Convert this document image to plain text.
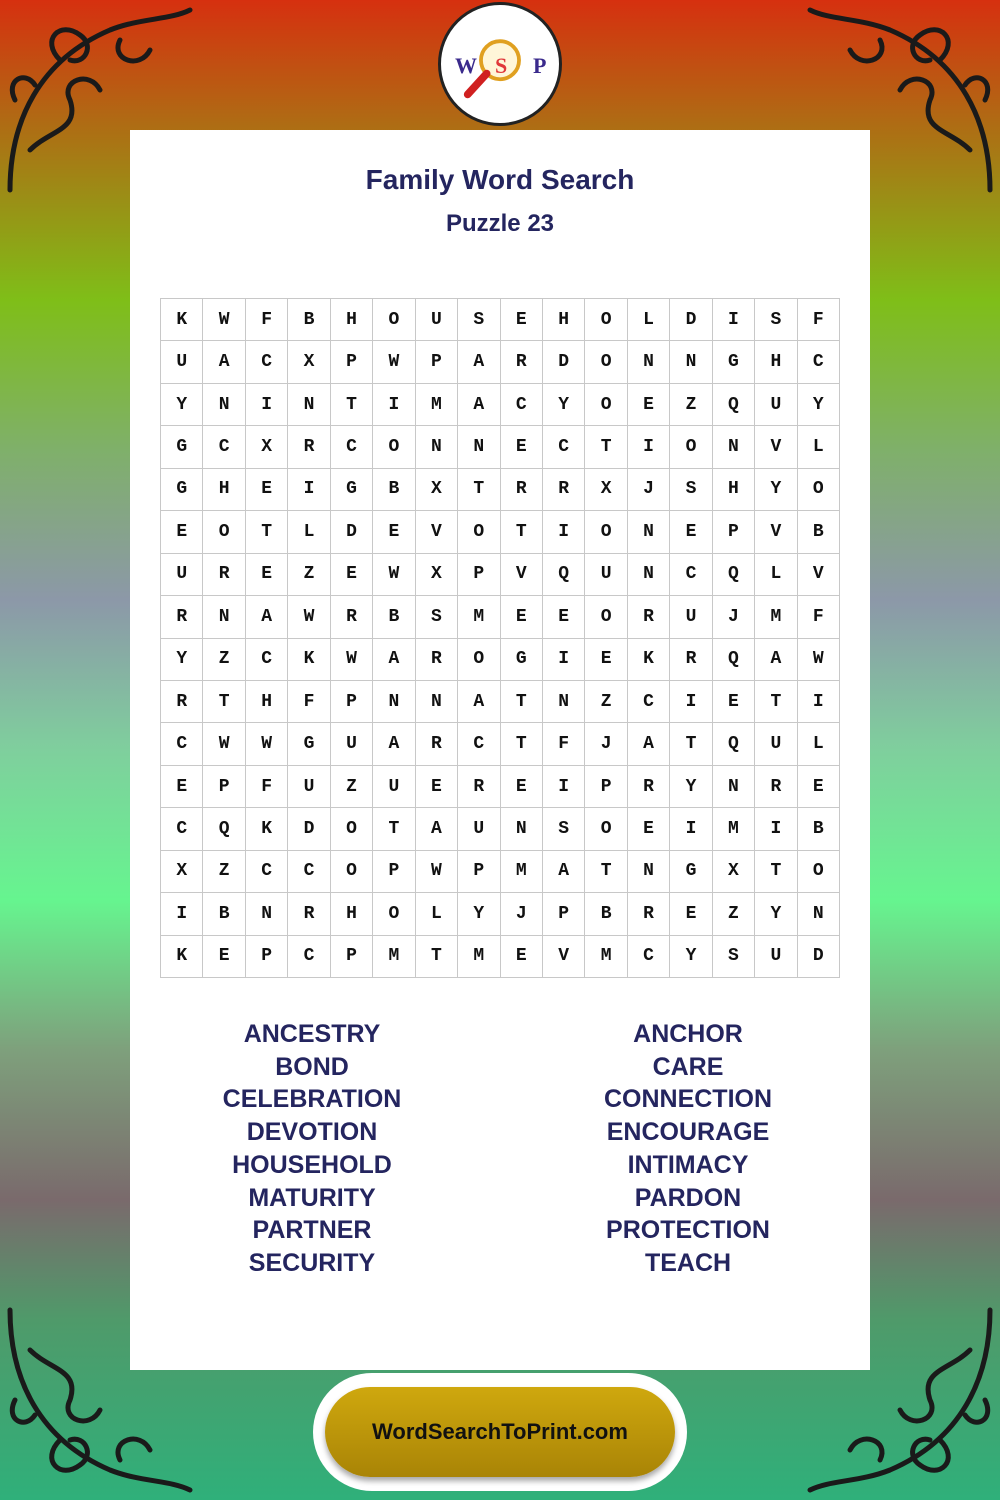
Family Word Search
Puzzle 23
W S P
K	W	F	B	H	O	U	S	E	H	O	L	D	I	S	F
U	A	C	X	P	W	P	A	R	D	O	N	N	G	H	C
Y	N	I	N	T	I	M	A	C	Y	O	E	Z	Q	U	Y
G	C	X	R	C	O	N	N	E	C	T	I	O	N	V	L
G	H	E	I	G	B	X	T	R	R	X	J	S	H	Y	O
E	O	T	L	D	E	V	O	T	I	O	N	E	P	V	B
U	R	E	Z	E	W	X	P	V	Q	U	N	C	Q	L	V
R	N	A	W	R	B	S	M	E	E	O	R	U	J	M	F
Y	Z	C	K	W	A	R	O	G	I	E	K	R	Q	A	W
R	T	H	F	P	N	N	A	T	N	Z	C	I	E	T	I
C	W	W	G	U	A	R	C	T	F	J	A	T	Q	U	L
E	P	F	U	Z	U	E	R	E	I	P	R	Y	N	R	E
C	Q	K	D	O	T	A	U	N	S	O	E	I	M	I	B
X	Z	C	C	O	P	W	P	M	A	T	N	G	X	T	O
I	B	N	R	H	O	L	Y	J	P	B	R	E	Z	Y	N
K	E	P	C	P	M	T	M	E	V	M	C	Y	S	U	D
ANCESTRY
BOND
CELEBRATION
DEVOTION
HOUSEHOLD
MATURITY
PARTNER
SECURITY
ANCHOR
CARE
CONNECTION
ENCOURAGE
INTIMACY
PARDON
PROTECTION
TEACH
WordSearchToPrint.com
